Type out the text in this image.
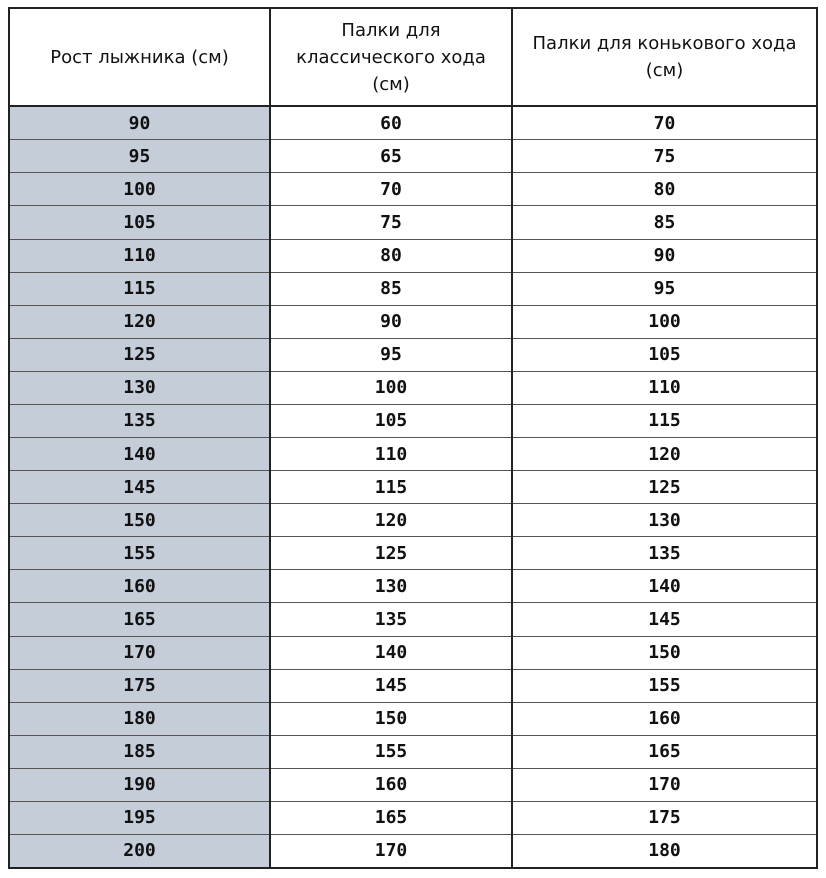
Рост лыжника (см)	Палки для классического хода (см)	Палки для конькового хода (см)
90	60	70
95	65	75
100	70	80
105	75	85
110	80	90
115	85	95
120	90	100
125	95	105
130	100	110
135	105	115
140	110	120
145	115	125
150	120	130
155	125	135
160	130	140
165	135	145
170	140	150
175	145	155
180	150	160
185	155	165
190	160	170
195	165	175
200	170	180
